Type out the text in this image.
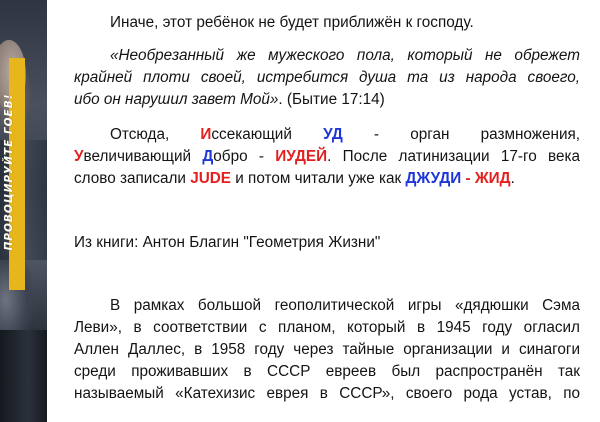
ПРОВОЦИРУЙТЕ ГОЕВ!

Иначе, этот ребёнок не будет приближён к господу.

«Необрезанный же мужеского пола, который не обрежет
крайней плоти своей, истребится душа та из народа своего,
ибо он нарушил завет Мой». (Бытие 17:14)

Отсюда, Иссекающий УД - орган размножения,
Увеличивающий Добро - ИУДЕЙ. После латинизации 17-го века
слово записали JUDE и потом читали уже как ДЖУДИ - ЖИД.

Из книги: Антон Благин "Геометрия Жизни"

В рамках большой геополитической игры «дядюшки Сэма
Леви», в соответствии с планом, который в 1945 году огласил
Аллен Даллес, в 1958 году через тайные организации и синагоги
среди проживавших в СССР евреев был распространён так
называемый «Катехизис еврея в СССР», своего рода устав, по
